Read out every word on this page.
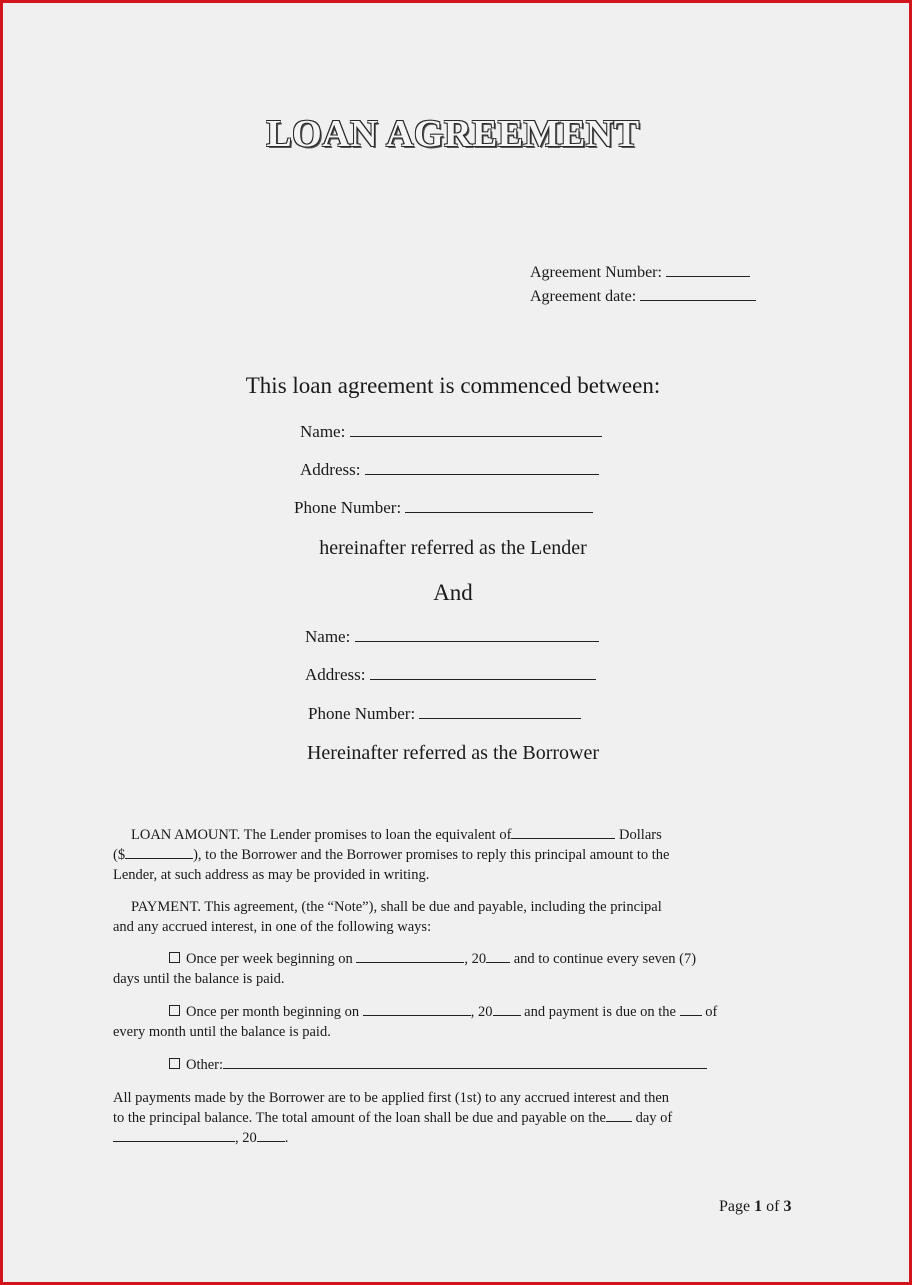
LOAN AGREEMENT
Agreement Number:
Agreement date:
This loan agreement is commenced between:
Name:
Address:
Phone Number:
hereinafter referred as the Lender
And
Name:
Address:
Phone Number:
Hereinafter referred as the Borrower
LOAN AMOUNT. The Lender promises to loan the equivalent of	Dollars
($	), to the Borrower and the Borrower promises to reply this principal amount to the
Lender, at such address as may be provided in writing.
PAYMENT. This agreement, (the “Note”), shall be due and payable, including the principal
and any accrued interest, in one of the following ways:
Once per week beginning on	, 20 and to continue every seven (7)
days until the balance is paid.
Once per month beginning on	, 20 and payment is due on the of
every month until the balance is paid.
Other:
All payments made by the Borrower are to be applied first (1st) to any accrued interest and then
to the principal balance. The total amount of the loan shall be due and payable on the day of
, 20 .
Page 1 of 3
